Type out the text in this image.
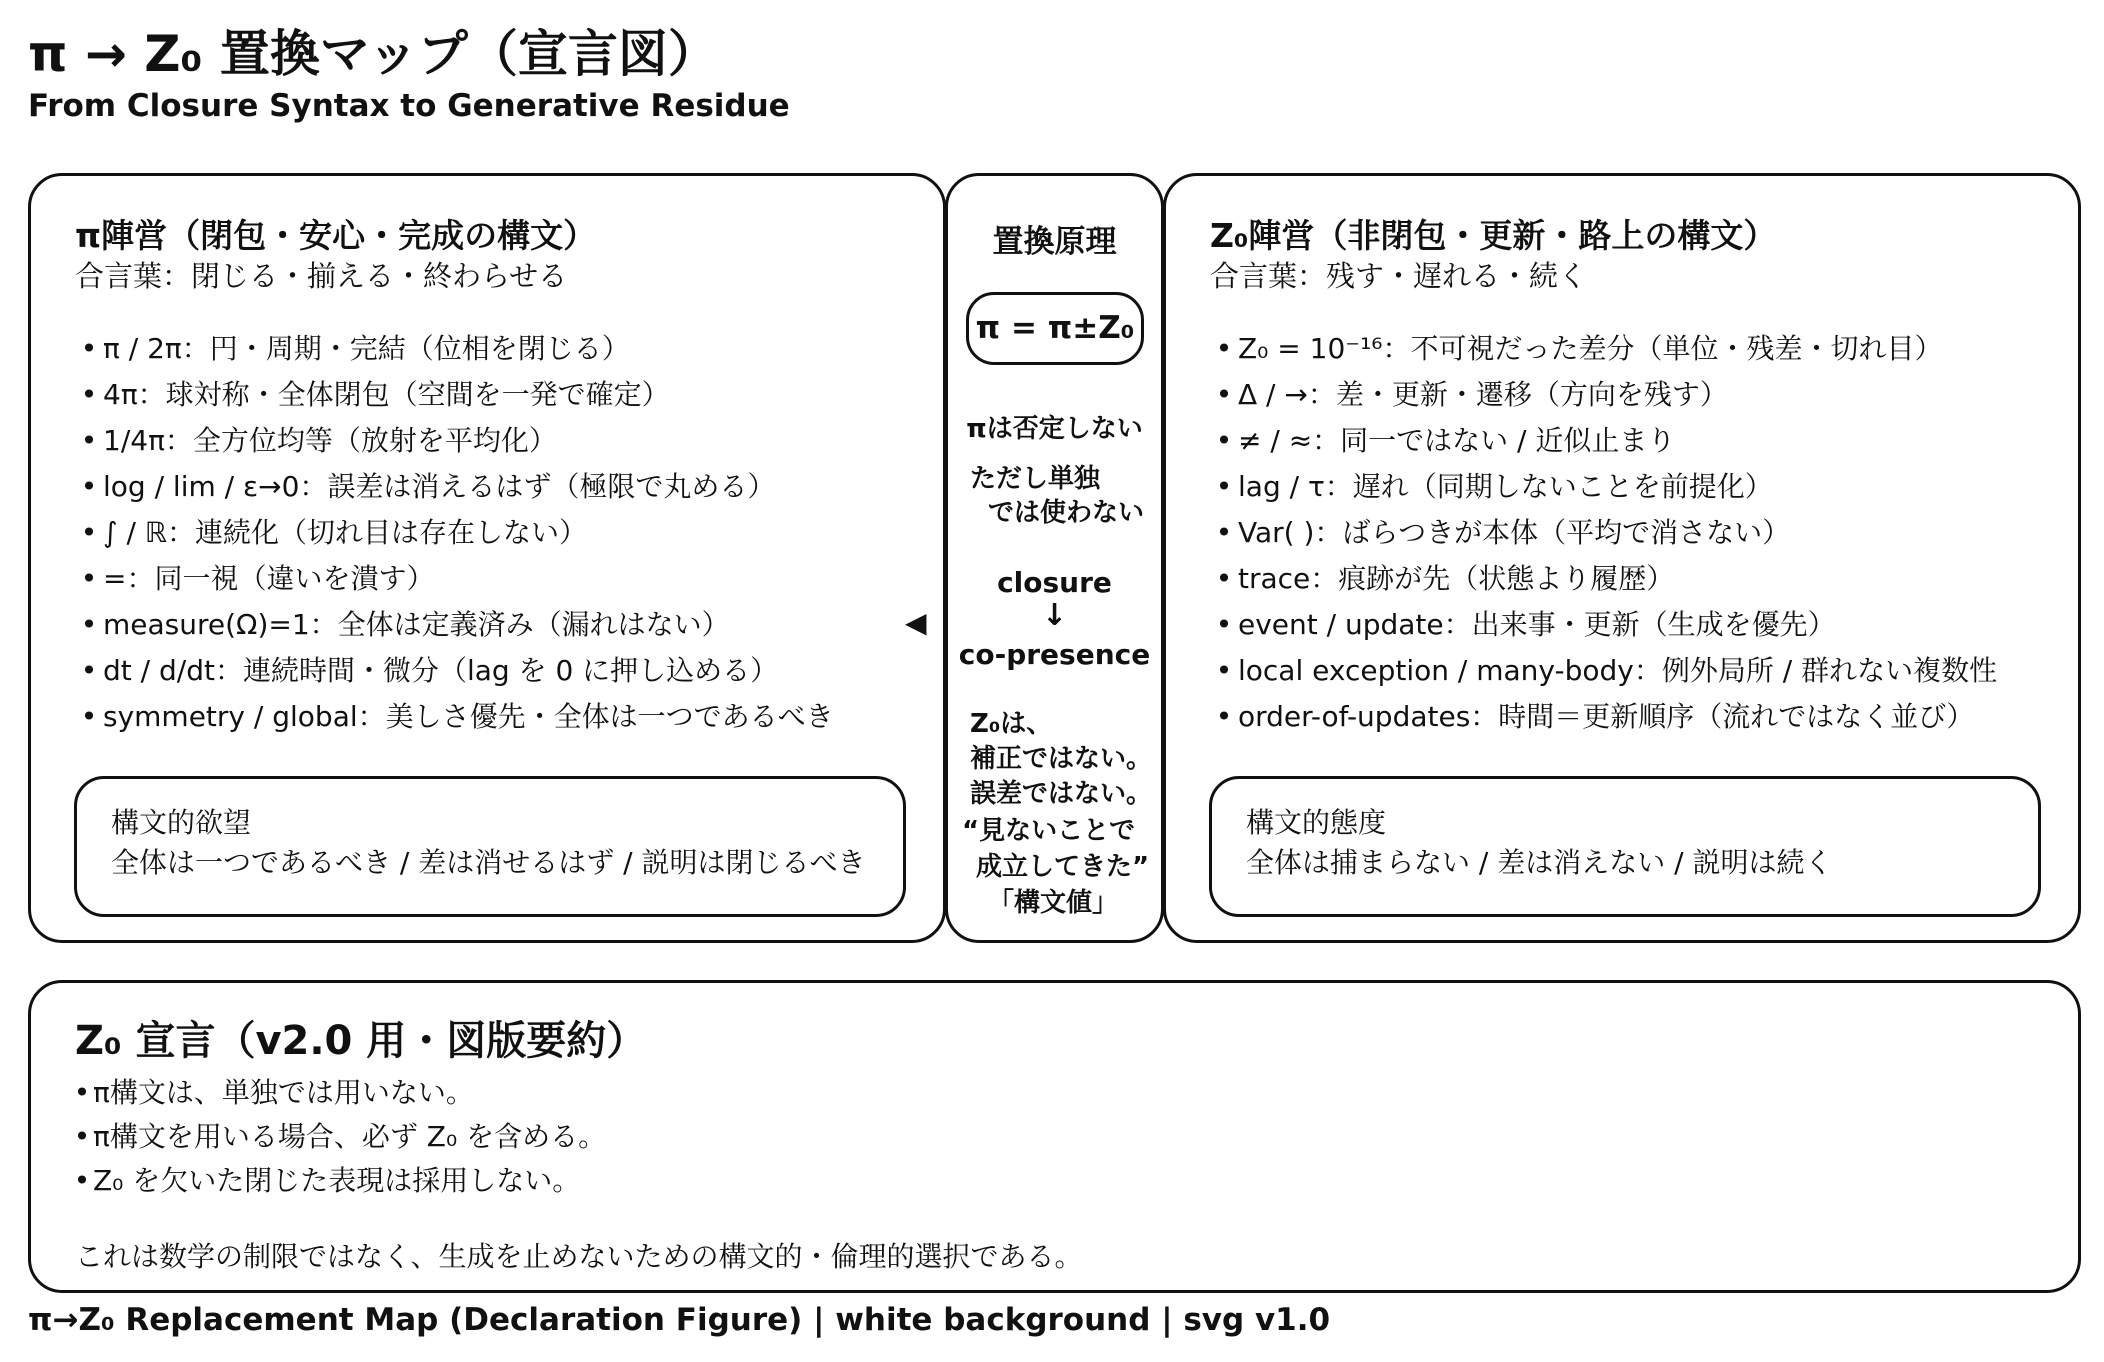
π → Z₀ 置換マップ（宣言図）
From Closure Syntax to Generative Residue
π陣営（閉包・安心・完成の構文）
合言葉：閉じる・揃える・終わらせる
• π / 2π：円・周期・完結（位相を閉じる）
• 4π：球対称・全体閉包（空間を一発で確定）
• 1/4π：全方位均等（放射を平均化）
• log / lim / ε→0：誤差は消えるはず（極限で丸める）
• ∫ / ℝ：連続化（切れ目は存在しない）
• =：同一視（違いを潰す）
• measure(Ω)=1：全体は定義済み（漏れはない）
• dt / d/dt：連続時間・微分（lag を 0 に押し込める）
• symmetry / global：美しさ優先・全体は一つであるべき
構文的欲望
全体は一つであるべき / 差は消せるはず / 説明は閉じるべき
置換原理
π = π±Z₀
πは否定しない
ただし単独
では使わない
closure
↓
co-presence
Z₀は、
補正ではない。
誤差ではない。
“見ないことで
成立してきた”
「構文値」
◀
Z₀陣営（非閉包・更新・路上の構文）
合言葉：残す・遅れる・続く
• Z₀ = 10⁻¹⁶：不可視だった差分（単位・残差・切れ目）
• Δ / →：差・更新・遷移（方向を残す）
• ≠ / ≈：同一ではない / 近似止まり
• lag / τ：遅れ（同期しないことを前提化）
• Var( )：ばらつきが本体（平均で消さない）
• trace：痕跡が先（状態より履歴）
• event / update：出来事・更新（生成を優先）
• local exception / many-body：例外局所 / 群れない複数性
• order-of-updates：時間＝更新順序（流れではなく並び）
構文的態度
全体は捕まらない / 差は消えない / 説明は続く
Z₀ 宣言（v2.0 用・図版要約）
• π構文は、単独では用いない。
• π構文を用いる場合、必ず Z₀ を含める。
• Z₀ を欠いた閉じた表現は採用しない。
これは数学の制限ではなく、生成を止めないための構文的・倫理的選択である。
π→Z₀ Replacement Map (Declaration Figure) | white background | svg v1.0
